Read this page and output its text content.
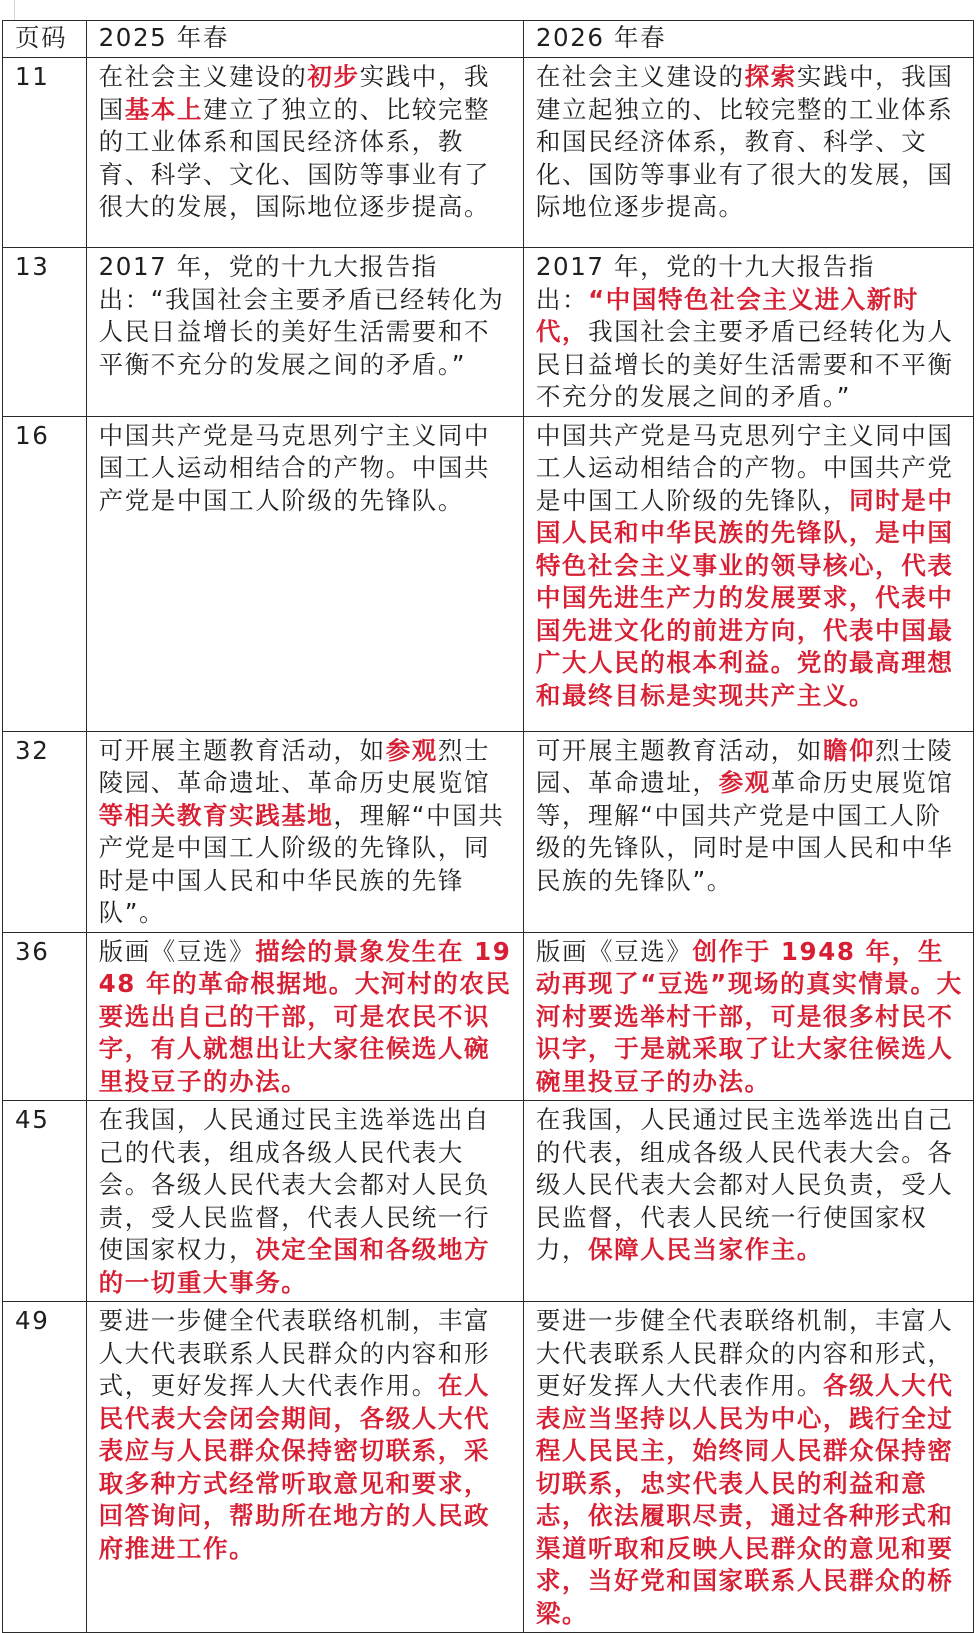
页码	2025 年春	2026 年春
11	在社会主义建设的初步实践中，我国基本上建立了独立的、比较完整的工业体系和国民经济体系，教育、科学、文化、国防等事业有了很大的发展，国际地位逐步提高。	在社会主义建设的探索实践中，我国建立起独立的、比较完整的工业体系和国民经济体系，教育、科学、文化、国防等事业有了很大的发展，国际地位逐步提高。
13	2017 年，党的十九大报告指出：“我国社会主要矛盾已经转化为人民日益增长的美好生活需要和不平衡不充分的发展之间的矛盾。”	2017 年，党的十九大报告指出：“中国特色社会主义进入新时代，我国社会主要矛盾已经转化为人民日益增长的美好生活需要和不平衡不充分的发展之间的矛盾。”
16	中国共产党是马克思列宁主义同中国工人运动相结合的产物。中国共产党是中国工人阶级的先锋队。	中国共产党是马克思列宁主义同中国工人运动相结合的产物。中国共产党是中国工人阶级的先锋队，同时是中国人民和中华民族的先锋队，是中国特色社会主义事业的领导核心，代表中国先进生产力的发展要求，代表中国先进文化的前进方向，代表中国最广大人民的根本利益。党的最高理想和最终目标是实现共产主义。
32	可开展主题教育活动，如参观烈士陵园、革命遗址、革命历史展览馆等相关教育实践基地，理解“中国共产党是中国工人阶级的先锋队，同时是中国人民和中华民族的先锋队”。	可开展主题教育活动，如瞻仰烈士陵园、革命遗址，参观革命历史展览馆等，理解“中国共产党是中国工人阶级的先锋队，同时是中国人民和中华民族的先锋队”。
36	版画《豆选》描绘的景象发生在 1948 年的革命根据地。大河村的农民要选出自己的干部，可是农民不识字，有人就想出让大家往候选人碗里投豆子的办法。	版画《豆选》创作于 1948 年，生动再现了“豆选”现场的真实情景。大河村要选举村干部，可是很多村民不识字，于是就采取了让大家往候选人碗里投豆子的办法。
45	在我国，人民通过民主选举选出自己的代表，组成各级人民代表大会。各级人民代表大会都对人民负责，受人民监督，代表人民统一行使国家权力，决定全国和各级地方的一切重大事务。	在我国，人民通过民主选举选出自己的代表，组成各级人民代表大会。各级人民代表大会都对人民负责，受人民监督，代表人民统一行使国家权力，保障人民当家作主。
49	要进一步健全代表联络机制，丰富人大代表联系人民群众的内容和形式，更好发挥人大代表作用。在人民代表大会闭会期间，各级人大代表应与人民群众保持密切联系，采取多种方式经常听取意见和要求，回答询问，帮助所在地方的人民政府推进工作。	要进一步健全代表联络机制，丰富人大代表联系人民群众的内容和形式，更好发挥人大代表作用。各级人大代表应当坚持以人民为中心，践行全过程人民民主，始终同人民群众保持密切联系，忠实代表人民的利益和意志，依法履职尽责，通过各种形式和渠道听取和反映人民群众的意见和要求，当好党和国家联系人民群众的桥梁。
